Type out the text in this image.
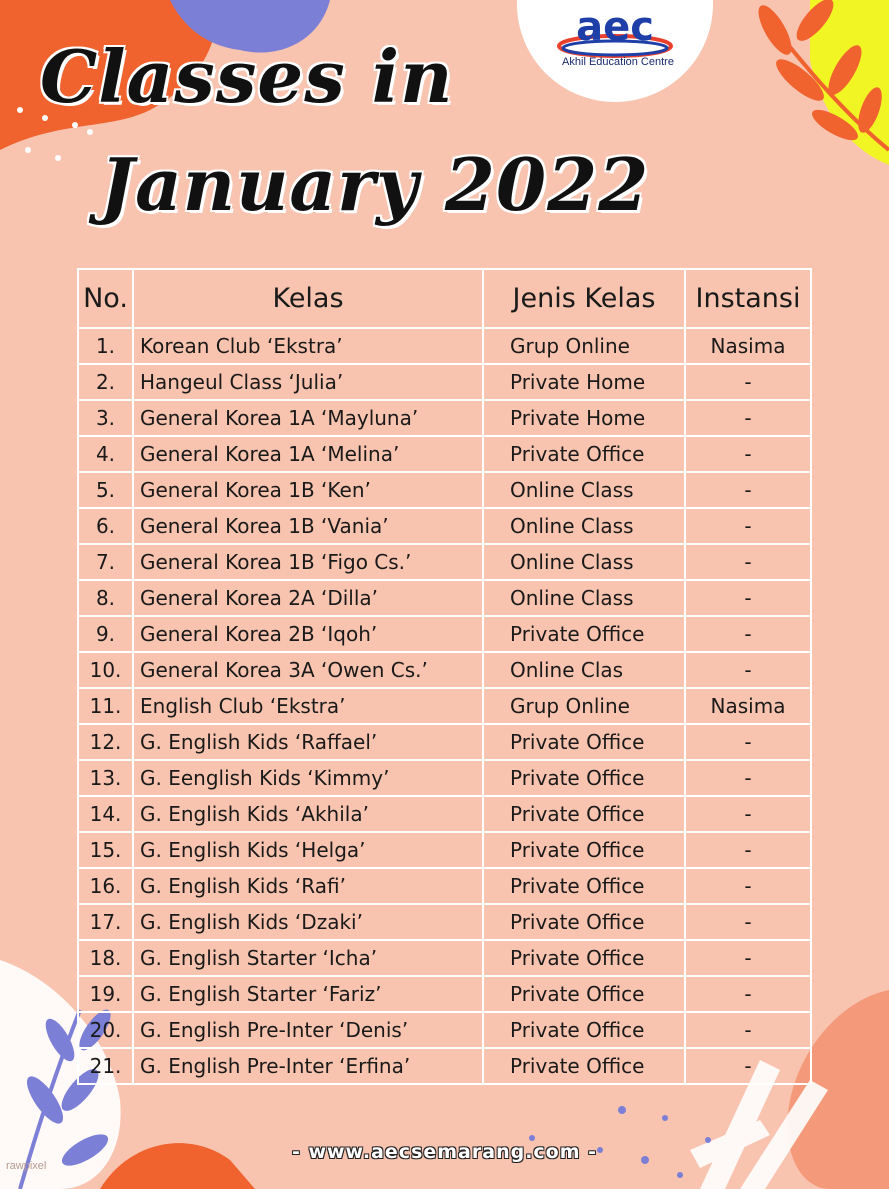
Classes in
January 2022
aec
Akhil Education Centre
No.	Kelas	Jenis Kelas	Instansi
1.	Korean Club ‘Ekstra’	Grup Online	Nasima
2.	Hangeul Class ‘Julia’	Private Home	-
3.	General Korea 1A ‘Mayluna’	Private Home	-
4.	General Korea 1A ‘Melina’	Private Office	-
5.	General Korea 1B ‘Ken’	Online Class	-
6.	General Korea 1B ‘Vania’	Online Class	-
7.	General Korea 1B ‘Figo Cs.’	Online Class	-
8.	General Korea 2A ‘Dilla’	Online Class	-
9.	General Korea 2B ‘Iqoh’	Private Office	-
10.	General Korea 3A ‘Owen Cs.’	Online Clas	-
11.	English Club ‘Ekstra’	Grup Online	Nasima
12.	G. English Kids ‘Raffael’	Private Office	-
13.	G. Eenglish Kids ‘Kimmy’	Private Office	-
14.	G. English Kids ‘Akhila’	Private Office	-
15.	G. English Kids ‘Helga’	Private Office	-
16.	G. English Kids ‘Rafi’	Private Office	-
17.	G. English Kids ‘Dzaki’	Private Office	-
18.	G. English Starter ‘Icha’	Private Office	-
19.	G. English Starter ‘Fariz’	Private Office	-
20.	G. English Pre-Inter ‘Denis’	Private Office	-
21.	G. English Pre-Inter ‘Erfina’	Private Office	-
- www.aecsemarang.com -
rawpixel
